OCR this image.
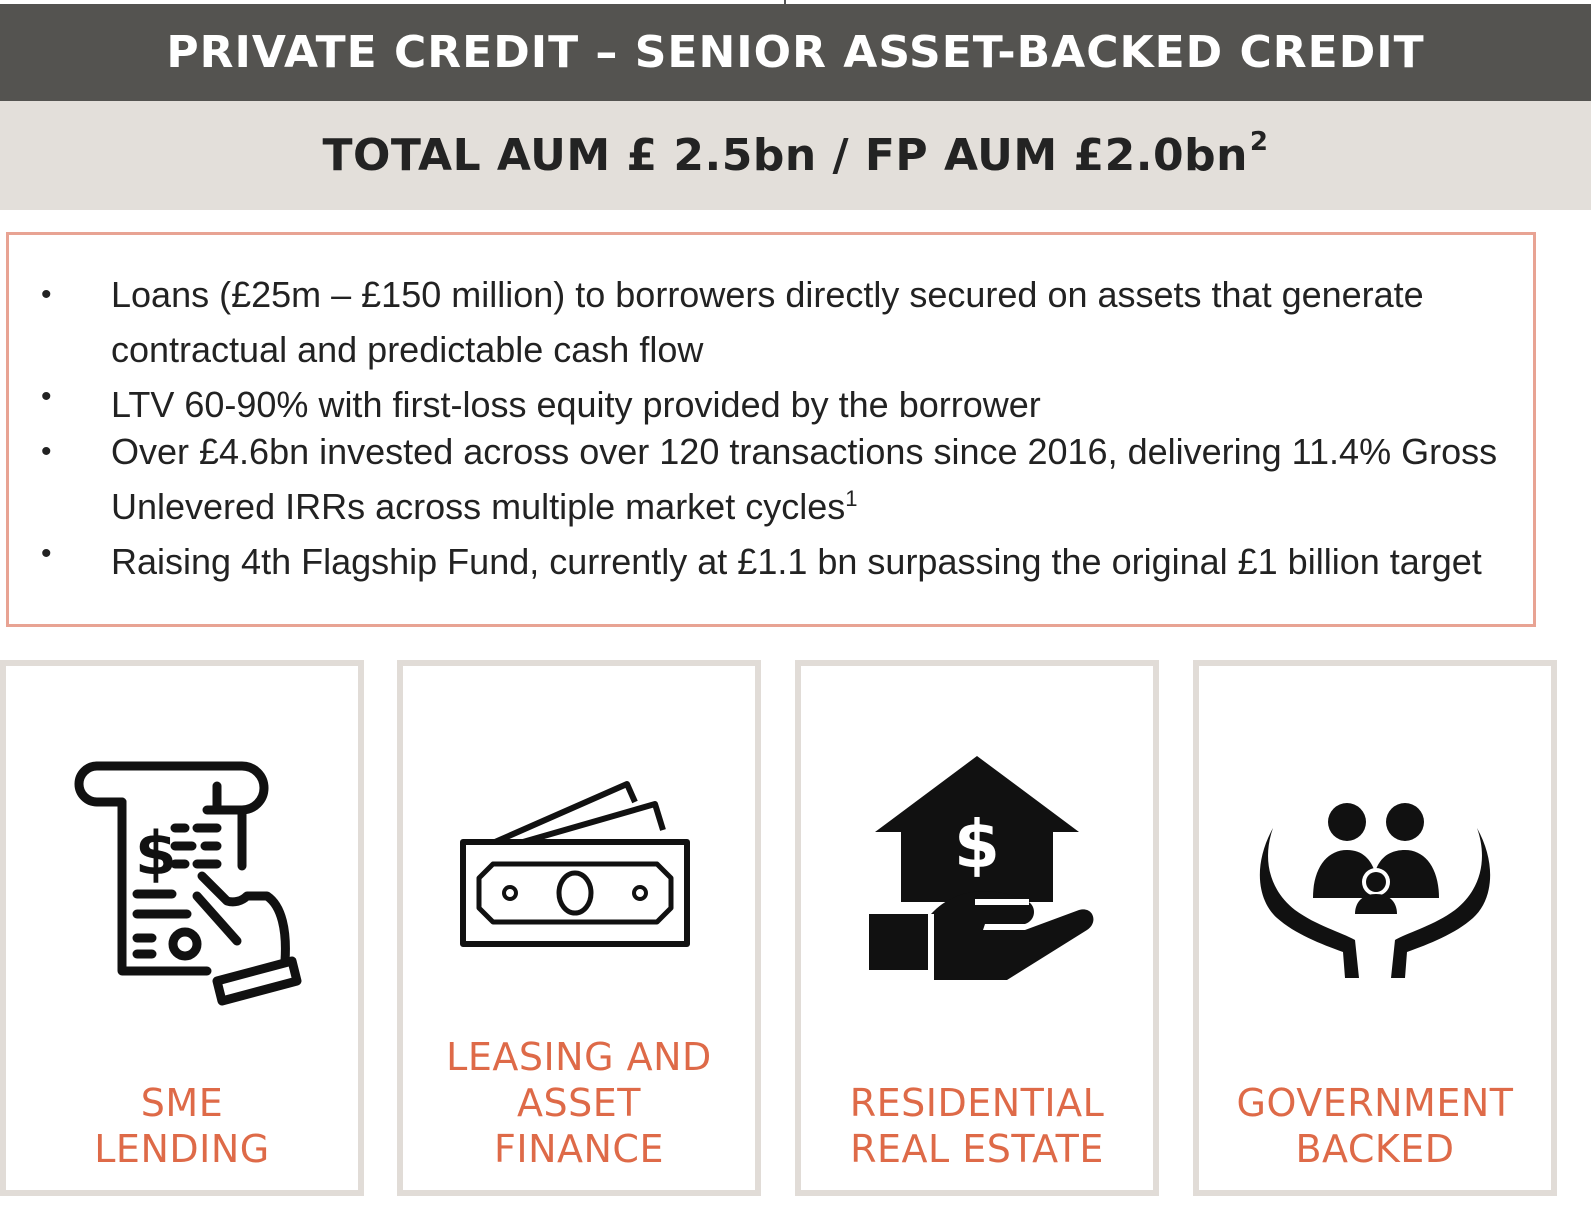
PRIVATE CREDIT – SENIOR ASSET-BACKED CREDIT
TOTAL AUM £ 2.5bn / FP AUM $£2.0bn^2$
• Loans (£25m – £150 million) to borrowers directly secured on assets that generate contractual and predictable cash flow
• LTV 60-90% with first-loss equity provided by the borrower
• Over £4.6bn invested across over 120 transactions since 2016, delivering 11.4% Gross Unlevered IRRs across multiple market cycles$^1$
• Raising 4th Flagship Fund, currently at £1.1 bn surpassing the original £1 billion target
$
SME
LENDING
LEASING AND
ASSET
FINANCE
$
RESIDENTIAL
REAL ESTATE
GOVERNMENT
BACKED
